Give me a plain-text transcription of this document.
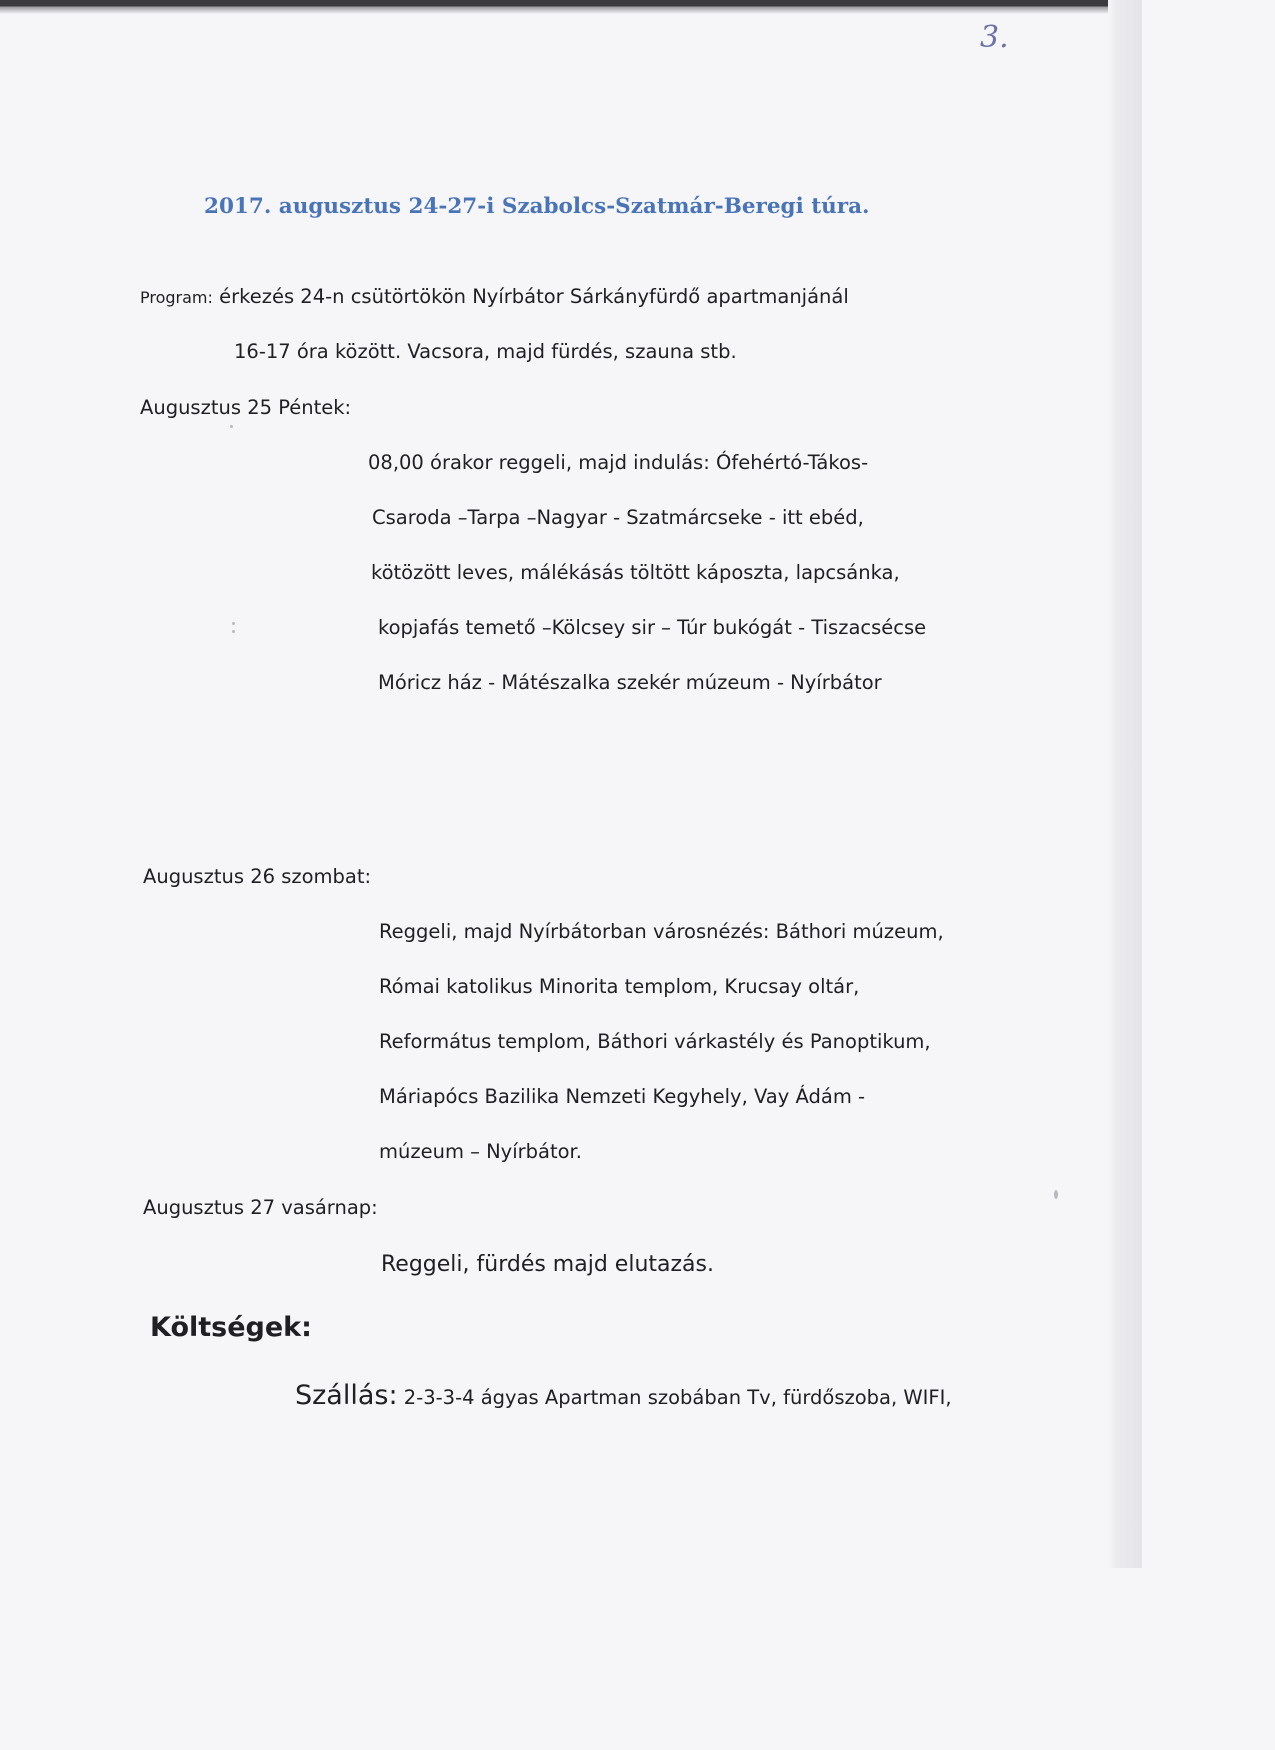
3.
2017. augusztus 24-27-i Szabolcs-Szatmár-Beregi túra.
Program: érkezés 24-n csütörtökön Nyírbátor Sárkányfürdő apartmanjánál
16-17 óra között. Vacsora, majd fürdés, szauna stb.
Augusztus 25 Péntek:
08,00 órakor reggeli, majd indulás: Ófehértó-Tákos-
Csaroda –Tarpa –Nagyar - Szatmárcseke - itt ebéd,
kötözött leves, málékásás töltött káposzta, lapcsánka,
kopjafás temető –Kölcsey sir – Túr bukógát - Tiszacsécse
Móricz ház - Mátészalka szekér múzeum - Nyírbátor
Augusztus 26 szombat:
Reggeli, majd Nyírbátorban városnézés: Báthori múzeum,
Római katolikus Minorita templom, Krucsay oltár,
Református templom, Báthori várkastély és Panoptikum,
Máriapócs Bazilika Nemzeti Kegyhely, Vay Ádám -
múzeum – Nyírbátor.
Augusztus 27 vasárnap:
Reggeli, fürdés majd elutazás.
Költségek:
Szállás: 2-3-3-4 ágyas Apartman szobában Tv, fürdőszoba, WIFI,
